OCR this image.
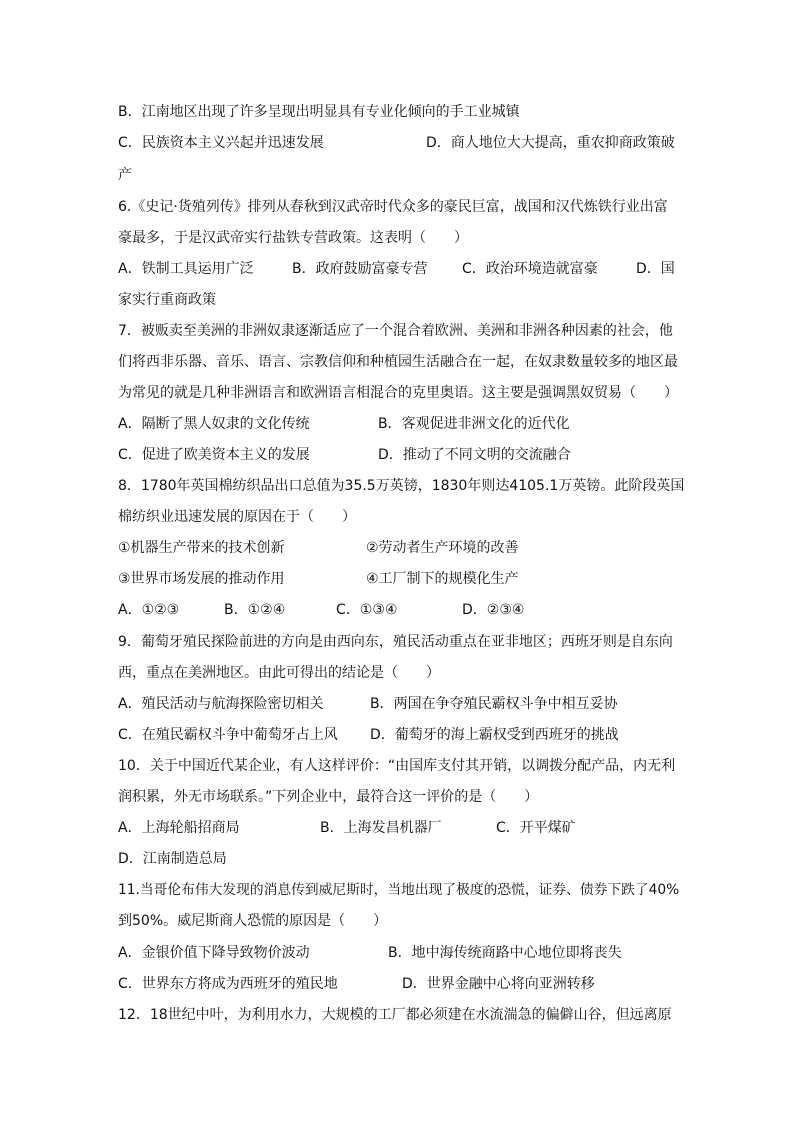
B．江南地区出现了许多呈现出明显具有专业化倾向的手工业城镇
C．民族资本主义兴起并迅速发展	D．商人地位大大提高，重农抑商政策破
产
6.《史记·货殖列传》排列从春秋到汉武帝时代众多的豪民巨富，战国和汉代炼铁行业出富
豪最多，于是汉武帝实行盐铁专营政策。这表明（　　）
A．铁制工具运用广泛	B．政府鼓励富豪专营 C．政治环境造就富豪	D．国
家实行重商政策
7．被贩卖至美洲的非洲奴隶逐渐适应了一个混合着欧洲、美洲和非洲各种因素的社会，他
们将西非乐器、音乐、语言、宗教信仰和种植园生活融合在一起，在奴隶数量较多的地区最
为常见的就是几种非洲语言和欧洲语言相混合的克里奥语。这主要是强调黑奴贸易（　　）
A．隔断了黑人奴隶的文化传统	B．客观促进非洲文化的近代化
C．促进了欧美资本主义的发展	D．推动了不同文明的交流融合
8．1780年英国棉纺织品出口总值为35.5万英镑，1830年则达4105.1万英镑。此阶段英国
棉纺织业迅速发展的原因在于（　　）
①机器生产带来的技术创新	②劳动者生产环境的改善
③世界市场发展的推动作用	④工厂制下的规模化生产
A．①②③	B．①②④	C．①③④	D．②③④
9．葡萄牙殖民探险前进的方向是由西向东，殖民活动重点在亚非地区；西班牙则是自东向
西，重点在美洲地区。由此可得出的结论是（　　）
A．殖民活动与航海探险密切相关	B．两国在争夺殖民霸权斗争中相互妥协
C．在殖民霸权斗争中葡萄牙占上风 D．葡萄牙的海上霸权受到西班牙的挑战
10．关于中国近代某企业，有人这样评价：“由国库支付其开销，以调拨分配产品，内无利
润积累，外无市场联系。”下列企业中，最符合这一评价的是（　　）
A．上海轮船招商局	B．上海发昌机器厂	C．开平煤矿
D．江南制造总局
11.当哥伦布伟大发现的消息传到威尼斯时，当地出现了极度的恐慌，证券、债券下跌了40%
到50%。威尼斯商人恐慌的原因是（　　）
A．金银价值下降导致物价波动	B．地中海传统商路中心地位即将丧失
C．世界东方将成为西班牙的殖民地	D．世界金融中心将向亚洲转移
12．18世纪中叶，为利用水力，大规模的工厂都必须建在水流湍急的偏僻山谷，但远离原
